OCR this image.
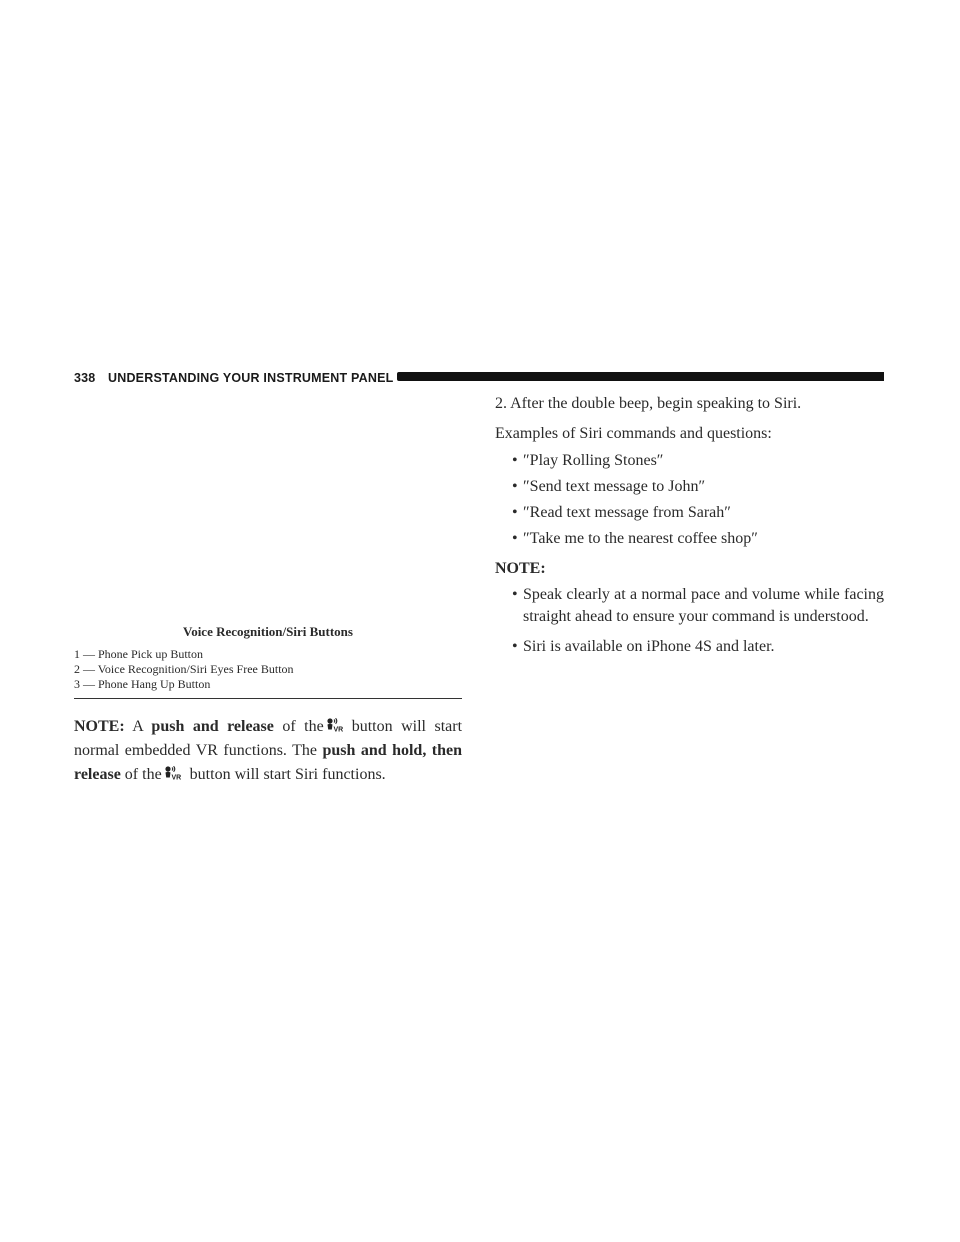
338 UNDERSTANDING YOUR INSTRUMENT PANEL
Voice Recognition/Siri Buttons
1 — Phone Pick up Button
2 — Voice Recognition/Siri Eyes Free Button
3 — Phone Hang Up Button

NOTE: A push and release of the VR button will start normal embedded VR functions. The push and hold, then release of the VR button will start Siri functions.

2. After the double beep, begin speaking to Siri.

Examples of Siri commands and questions:

• ″Play Rolling Stones″
• ″Send text message to John″
• ″Read text message from Sarah″
• ″Take me to the nearest coffee shop″

NOTE:

• Speak clearly at a normal pace and volume while facing straight ahead to ensure your command is understood.
• Siri is available on iPhone 4S and later.
